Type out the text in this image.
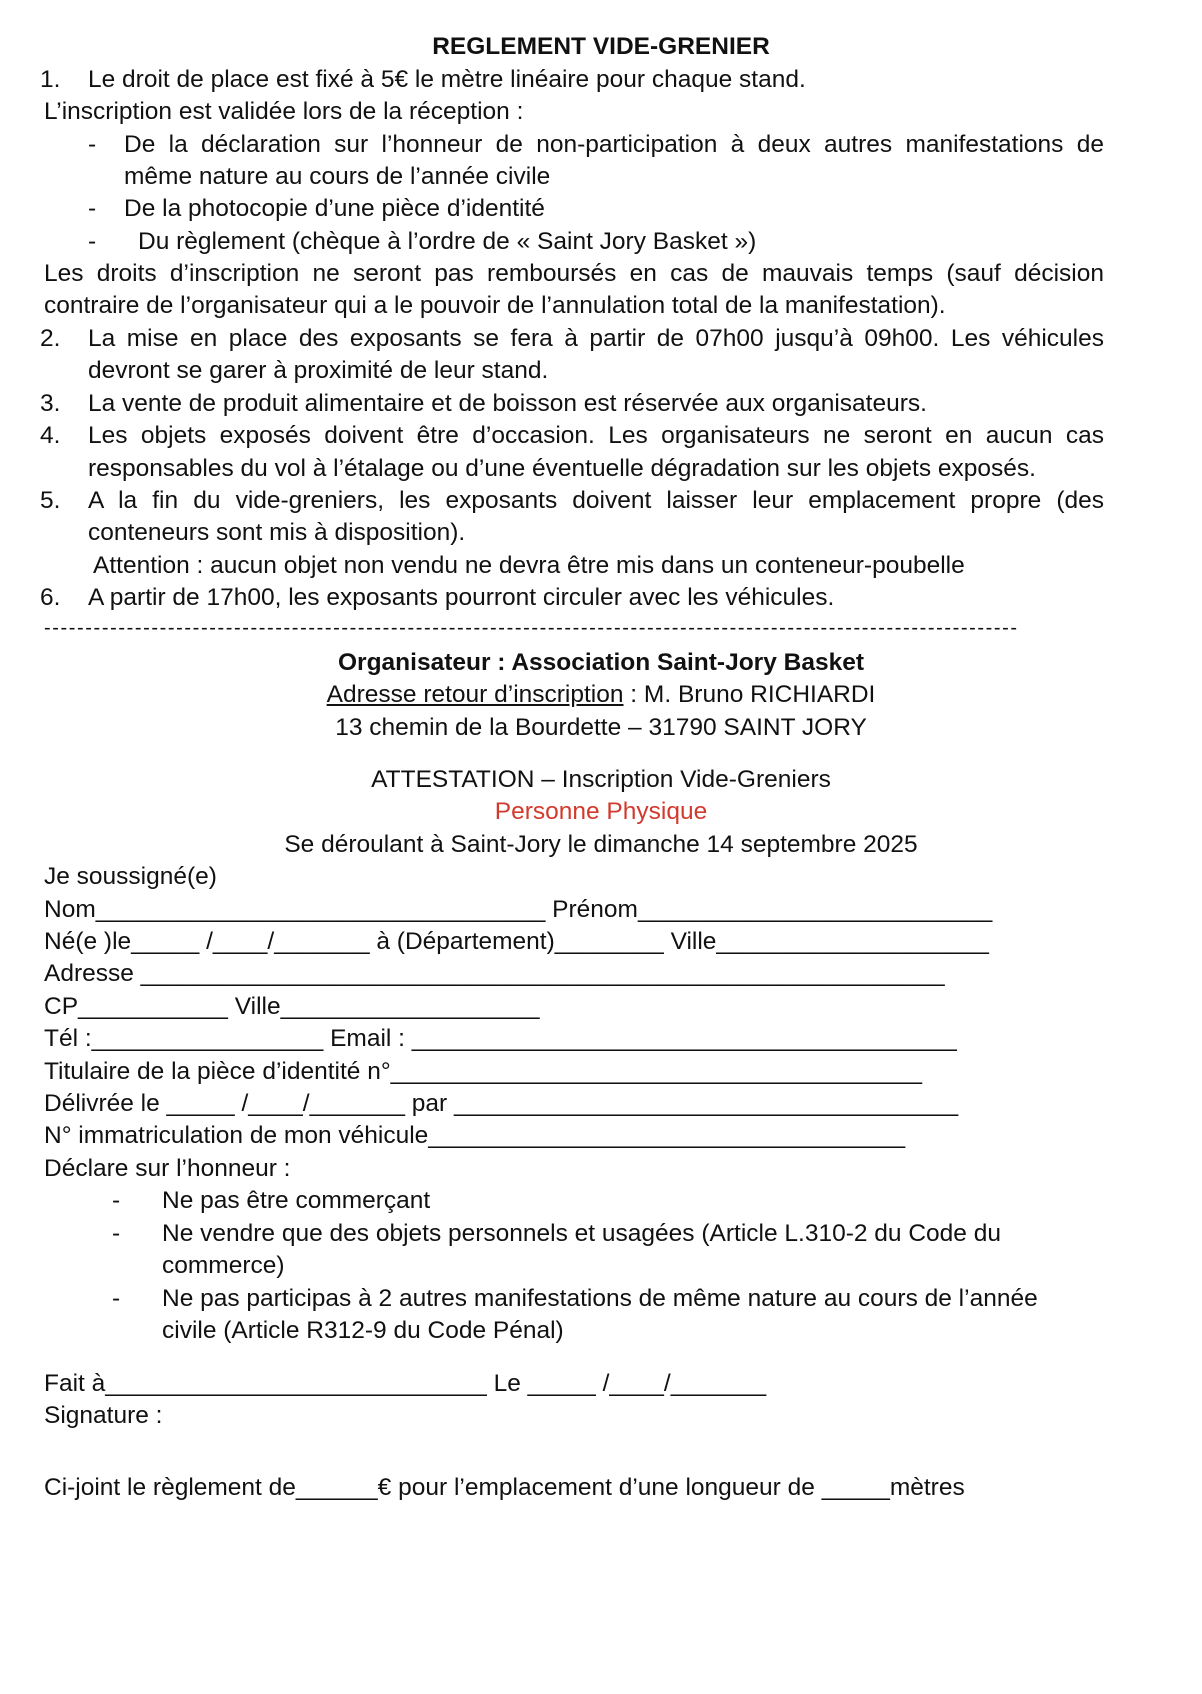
REGLEMENT VIDE-GRENIER
1. Le droit de place est fixé à 5€ le mètre linéaire pour chaque stand.
L’inscription est validée lors de la réception :
-	De la déclaration sur l’honneur de non-participation à deux autres manifestations de
même nature au cours de l’année civile
- De la photocopie d’une pièce d’identité
- Du règlement (chèque à l’ordre de « Saint Jory Basket »)
Les droits d’inscription ne seront pas remboursés en cas de mauvais temps (sauf décision
contraire de l’organisateur qui a le pouvoir de l’annulation total de la manifestation).
2. La mise en place des exposants se fera à partir de 07h00 jusqu’à 09h00. Les véhicules
devront se garer à proximité de leur stand.
3. La vente de produit alimentaire et de boisson est réservée aux organisateurs.
4. Les objets exposés doivent être d’occasion. Les organisateurs ne seront en aucun cas
responsables du vol à l’étalage ou d’une éventuelle dégradation sur les objets exposés.
5. A la fin du vide-greniers, les exposants doivent laisser leur emplacement propre (des
conteneurs sont mis à disposition).
Attention : aucun objet non vendu ne devra être mis dans un conteneur-poubelle
6. A partir de 17h00, les exposants pourront circuler avec les véhicules.
----------------------------------------------------------------------------------------------------------------------
Organisateur : Association Saint-Jory Basket
Adresse retour d’inscription : M. Bruno RICHIARDI
13 chemin de la Bourdette – 31790 SAINT JORY
ATTESTATION – Inscription Vide-Greniers
Personne Physique
Se déroulant à Saint-Jory le dimanche 14 septembre 2025
Je soussigné(e)
Nom_________________________________ Prénom__________________________
Né(e )le_____ /____/_______ à (Département)________ Ville____________________
Adresse ___________________________________________________________
CP___________ Ville___________________
Tél :_________________ Email : ________________________________________
Titulaire de la pièce d’identité n°_______________________________________
Délivrée le _____ /____/_______ par _____________________________________
N° immatriculation de mon véhicule___________________________________
Déclare sur l’honneur :
- Ne pas être commerçant
- Ne vendre que des objets personnels et usagées (Article L.310-2 du Code du
commerce)
- Ne pas participas à 2 autres manifestations de même nature au cours de l’année
civile (Article R312-9 du Code Pénal)
Fait à____________________________ Le _____ /____/_______
Signature :
Ci-joint le règlement de______€ pour l’emplacement d’une longueur de _____mètres
